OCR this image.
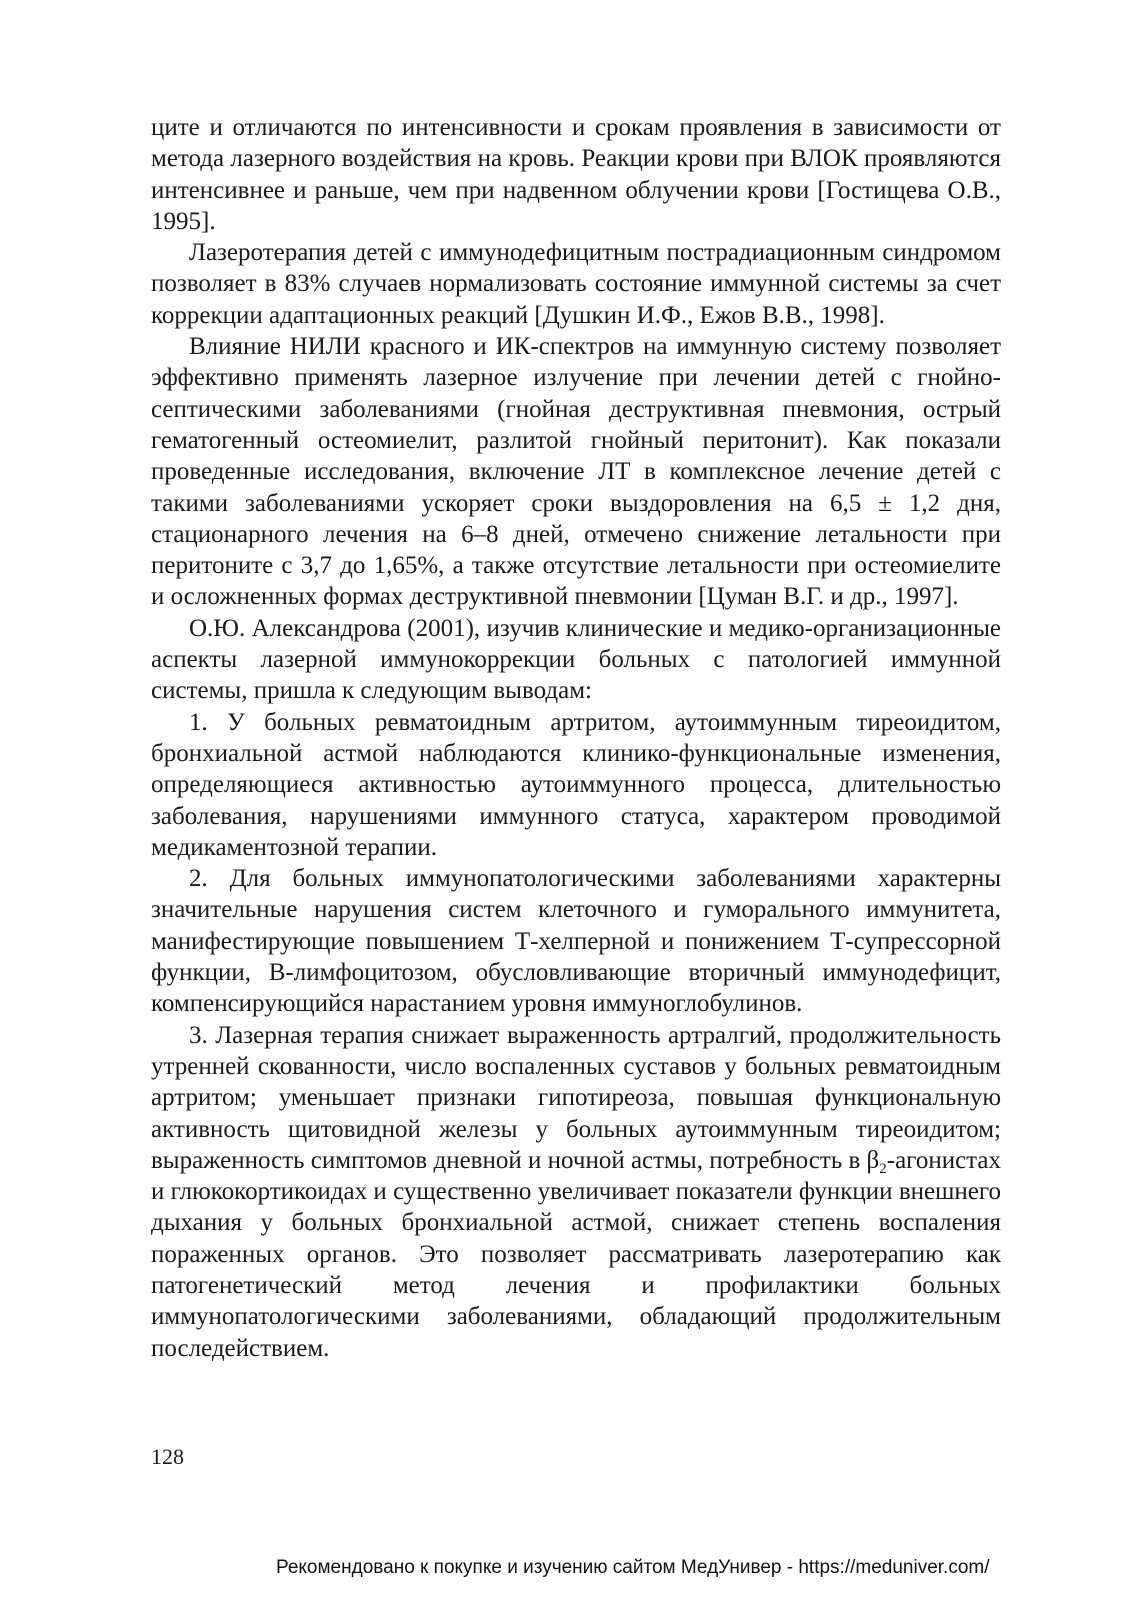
ците и отличаются по интенсивности и срокам проявления в зависимости от метода лазерного воздействия на кровь. Реакции крови при ВЛОК проявляются интенсивнее и раньше, чем при надвенном облучении крови [Гостищева О.В., 1995].

Лазеротерапия детей с иммунодефицитным пострадиационным синдромом позволяет в 83% случаев нормализовать состояние иммунной системы за счет коррекции адаптационных реакций [Душкин И.Ф., Ежов В.В., 1998].

Влияние НИЛИ красного и ИК-спектров на иммунную систему позволяет эффективно применять лазерное излучение при лечении детей с гнойно-септическими заболеваниями (гнойная деструктивная пневмония, острый гематогенный остеомиелит, разлитой гнойный перитонит). Как показали проведенные исследования, включение ЛТ в комплексное лечение детей с такими заболеваниями ускоряет сроки выздоровления на 6,5 ± 1,2 дня, стационарного лечения на 6–8 дней, отмечено снижение летальности при перитоните с 3,7 до 1,65%, а также отсутствие летальности при остеомиелите и осложненных формах деструктивной пневмонии [Цуман В.Г. и др., 1997].

О.Ю. Александрова (2001), изучив клинические и медико-организационные аспекты лазерной иммунокоррекции больных с патологией иммунной системы, пришла к следующим выводам:

1. У больных ревматоидным артритом, аутоиммунным тиреоидитом, бронхиальной астмой наблюдаются клинико-функциональные изменения, определяющиеся активностью аутоиммунного процесса, длительностью заболевания, нарушениями иммунного статуса, характером проводимой медикаментозной терапии.

2. Для больных иммунопатологическими заболеваниями характерны значительные нарушения систем клеточного и гуморального иммунитета, манифестирующие повышением Т-хелперной и понижением Т-супрессорной функции, В-лимфоцитозом, обусловливающие вторичный иммунодефицит, компенсирующийся нарастанием уровня иммуноглобулинов.

3. Лазерная терапия снижает выраженность артралгий, продолжительность утренней скованности, число воспаленных суставов у больных ревматоидным артритом; уменьшает признаки гипотиреоза, повышая функциональную активность щитовидной железы у больных аутоиммунным тиреоидитом; выраженность симптомов дневной и ночной астмы, потребность в $\beta_2$-агонистах и глюкокортикоидах и существенно увеличивает показатели функции внешнего дыхания у больных бронхиальной астмой, снижает степень воспаления пораженных органов. Это позволяет рассматривать лазеротерапию как патогенетический метод лечения и профилактики больных иммунопатологическими заболеваниями, обладающий продолжительным последействием.

128
Рекомендовано к покупке и изучению сайтом МедУнивер - https://meduniver.com/
